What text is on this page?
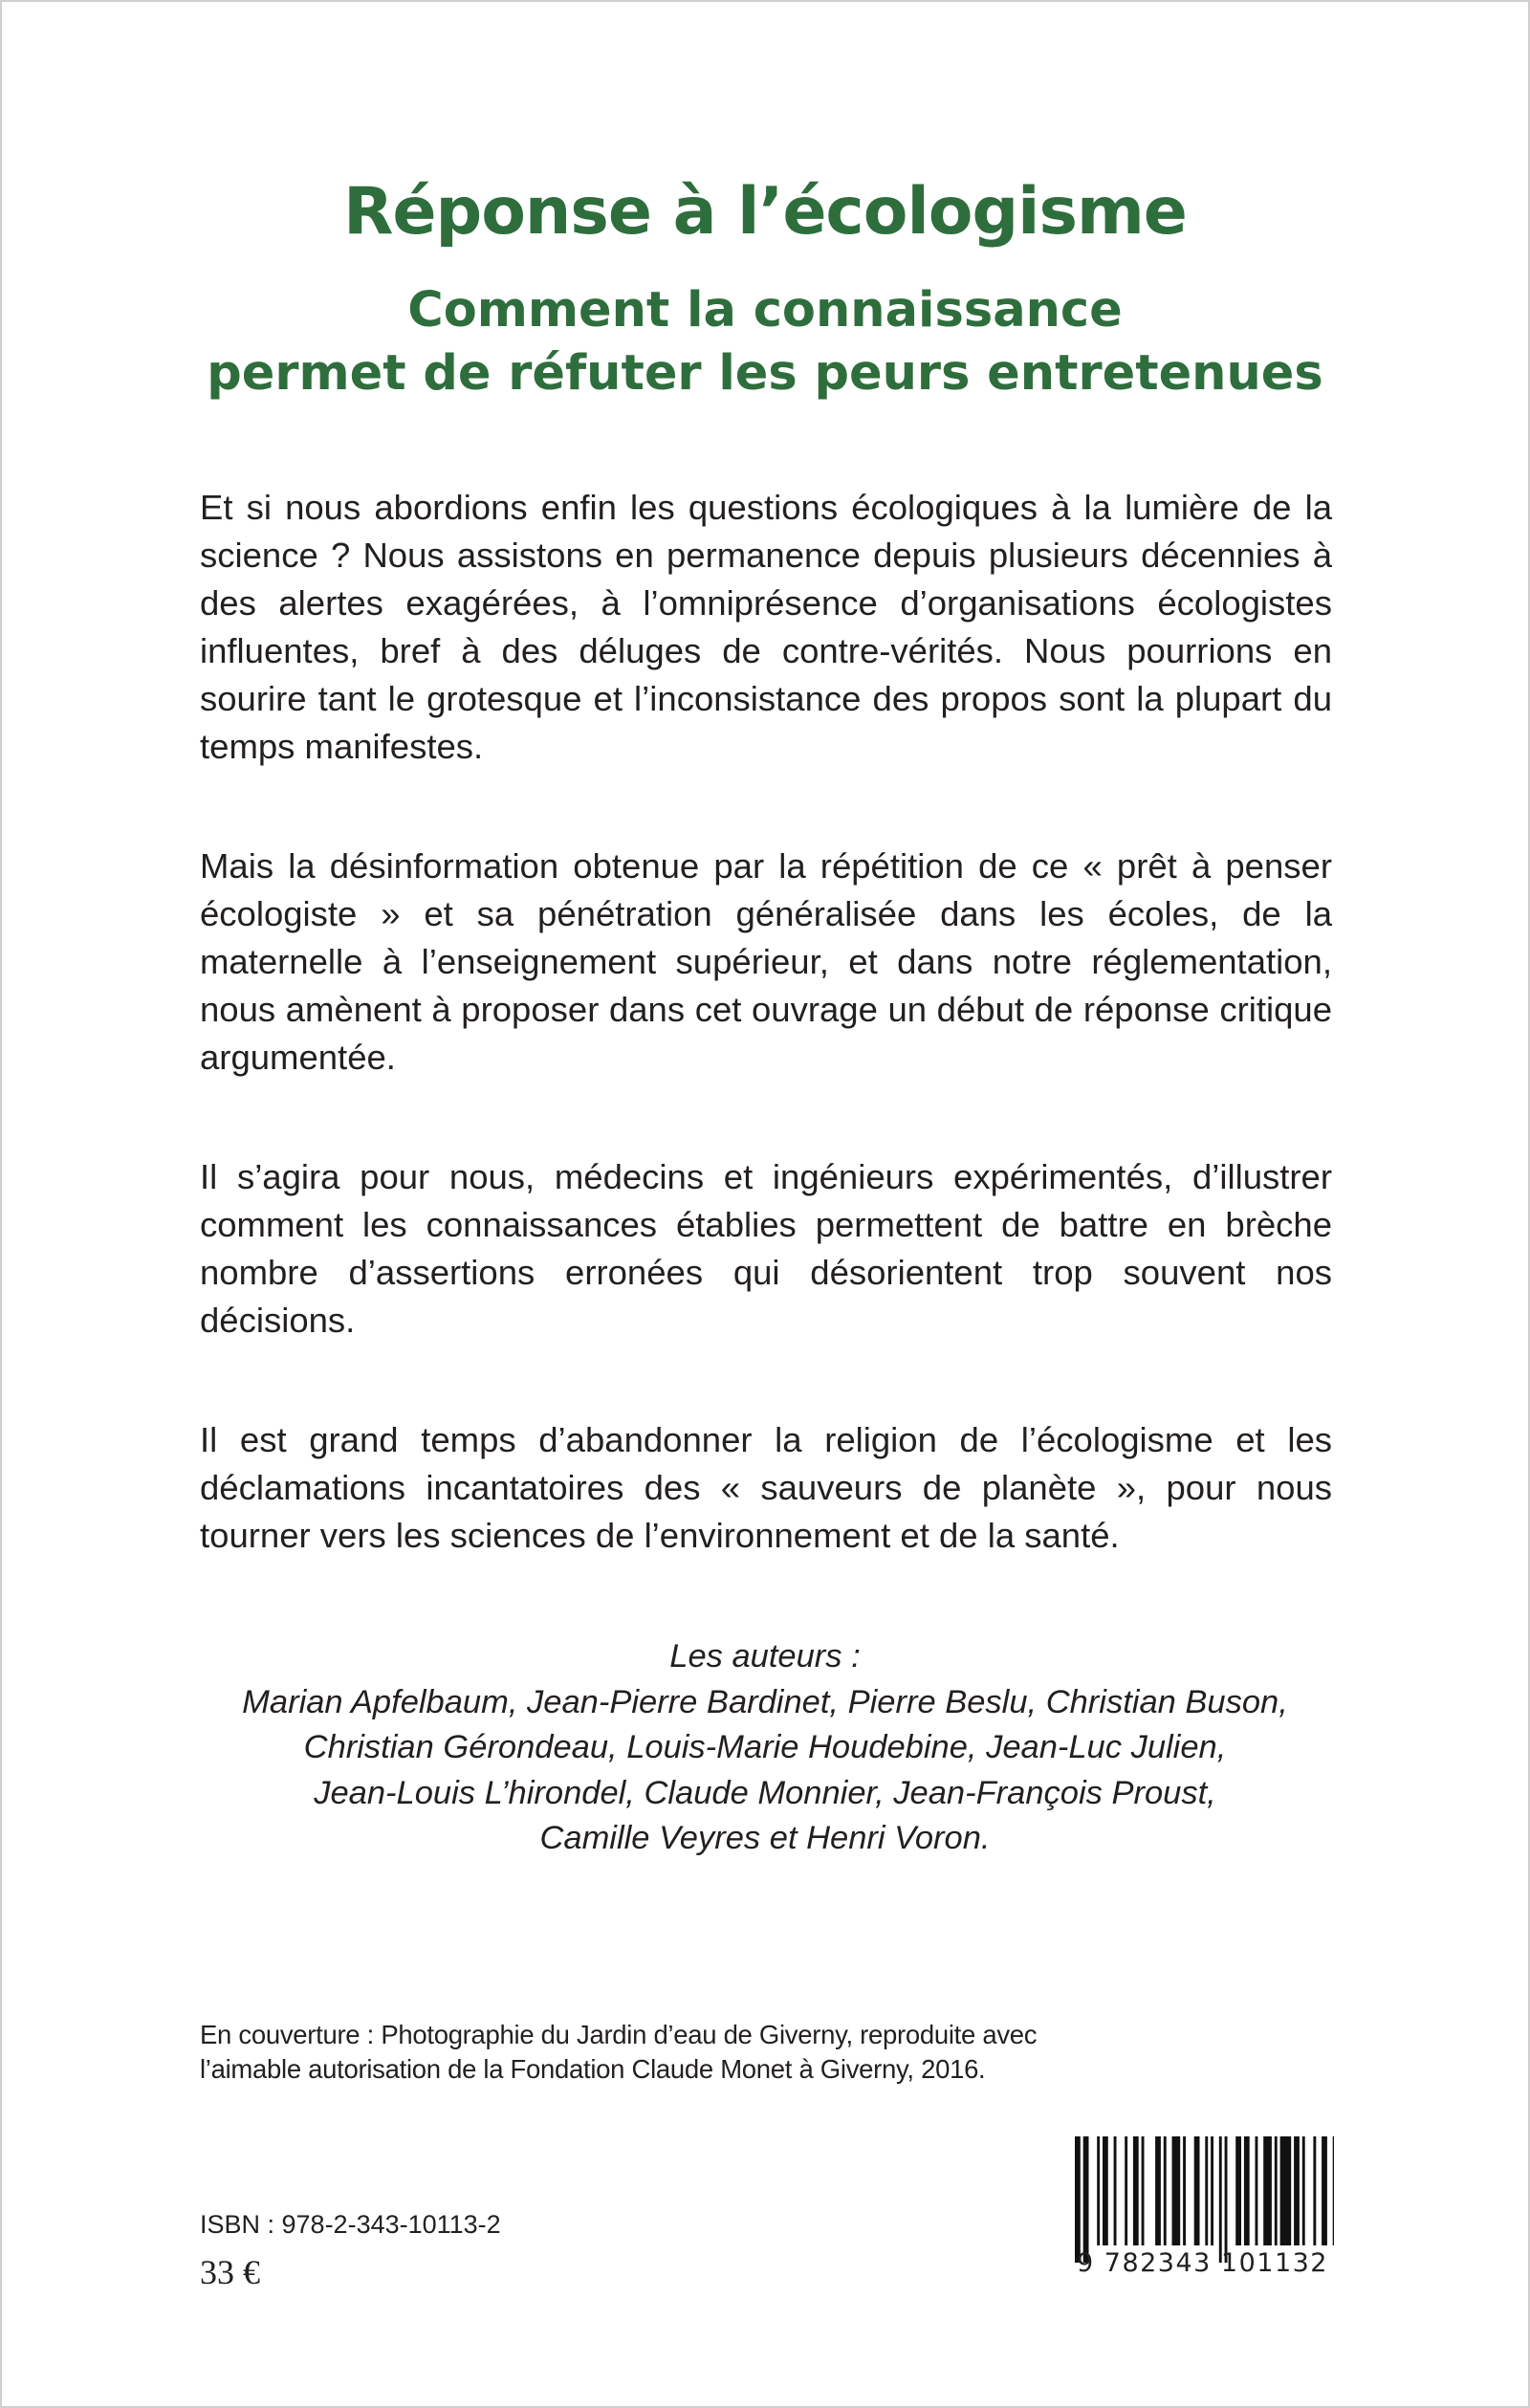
Réponse à l’écologisme
Comment la connaissance
permet de réfuter les peurs entretenues

Et si nous abordions enfin les questions écologiques à la lumière de la science ? Nous assistons en permanence depuis plusieurs décennies à des alertes exagérées, à l’omniprésence d’organisations écologistes influentes, bref à des déluges de contre-vérités. Nous pourrions en sourire tant le grotesque et l’inconsistance des propos sont la plupart du temps manifestes.

Mais la désinformation obtenue par la répétition de ce « prêt à penser écologiste » et sa pénétration généralisée dans les écoles, de la maternelle à l’enseignement supérieur, et dans notre réglementation, nous amènent à proposer dans cet ouvrage un début de réponse critique argumentée.

Il s’agira pour nous, médecins et ingénieurs expérimentés, d’illustrer comment les connaissances établies permettent de battre en brèche nombre d’assertions erronées qui désorientent trop souvent nos décisions.

Il est grand temps d’abandonner la religion de l’écologisme et les déclamations incantatoires des « sauveurs de planète », pour nous tourner vers les sciences de l’environnement et de la santé.

Les auteurs :
Marian Apfelbaum, Jean-Pierre Bardinet, Pierre Beslu, Christian Buson,
Christian Gérondeau, Louis-Marie Houdebine, Jean-Luc Julien,
Jean-Louis L’hirondel, Claude Monnier, Jean-François Proust,
Camille Veyres et Henri Voron.
En couverture : Photographie du Jardin d’eau de Giverny, reproduite avec
l’aimable autorisation de la Fondation Claude Monet à Giverny, 2016.
ISBN : 978-2-343-10113-2
33 €	9 782343 101132
